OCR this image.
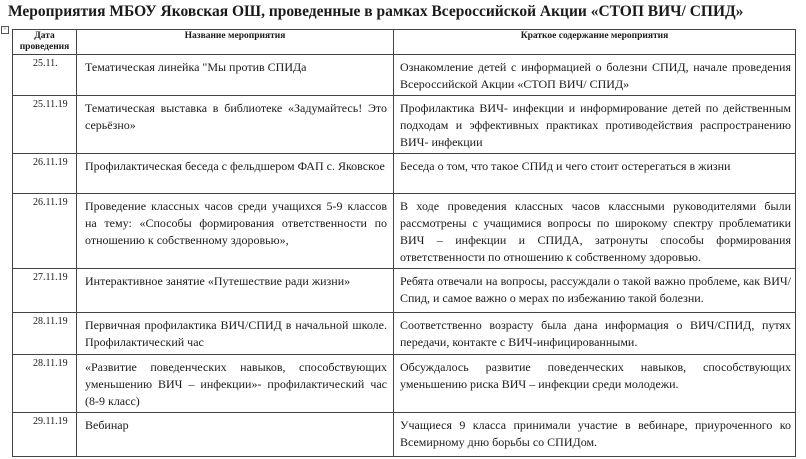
Мероприятия МБОУ Яковская ОШ, проведенные в рамках Всероссийской Акции «СТОП ВИЧ/ СПИД»
+
Дата проведения	Название мероприятия	Краткое содержание мероприятия
25.11.	Тематическая линейка "Мы против СПИДа	Ознакомление детей с информацией о болезни СПИД, начале проведения Всероссийской Акции «СТОП ВИЧ/ СПИД»
25.11.19	Тематическая выставка в библиотеке «Задумайтесь! Это серьёзно»	Профилактика ВИЧ- инфекции и информирование детей по действенным подходам и эффективных практиках противодействия распространению ВИЧ- инфекции
26.11.19	Профилактическая беседа с фельдшером ФАП с. Яковское	Беседа о том, что такое СПИд и чего стоит остерегаться в жизни
26.11.19	Проведение классных часов среди учащихся 5-9 классов на тему: «Способы формирования ответственности по отношению к собственному здоровью»,	В ходе проведения классных часов классными руководителями были рассмотрены с учащимися вопросы по широкому спектру проблематики ВИЧ – инфекции и СПИДА, затронуты способы формирования ответственности по отношению к собственному здоровью.
27.11.19	Интерактивное занятие «Путешествие ради жизни»	Ребята отвечали на вопросы, рассуждали о такой важно проблеме, как ВИЧ/Спид, и самое важно о мерах по избежанию такой болезни.
28.11.19	Первичная профилактика ВИЧ/СПИД в начальной школе. Профилактический час	Соответственно возрасту была дана информация о ВИЧ/СПИД, путях передачи, контакте с ВИЧ-инфицированными.
28.11.19	«Развитие поведенческих навыков, способствующих уменьшению ВИЧ – инфекции»- профилактический час (8-9 класс)	Обсуждалось развитие поведенческих навыков, способствующих уменьшению риска ВИЧ – инфекции среди молодежи.
29.11.19	Вебинар	Учащиеся 9 класса принимали участие в вебинаре, приуроченного ко Всемирному дню борьбы со СПИДом.
